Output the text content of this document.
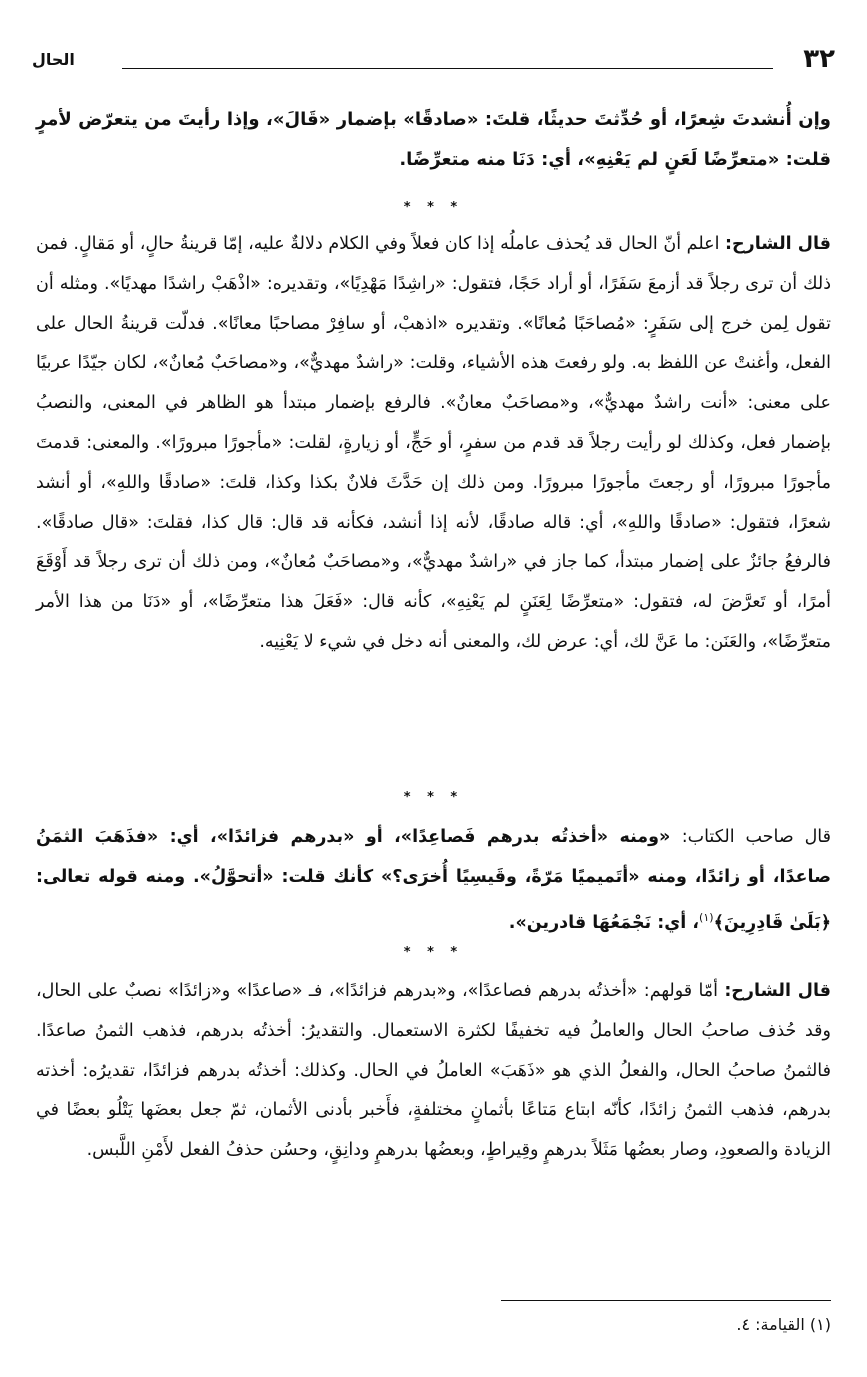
٣٢
الحال

وإن أُنشدتَ شِعرًا، أو حُدِّثتَ حديثًا، قلتَ: «صادقًا» بإضمار «قَالَ»، وإذا رأيتَ من يتعرّض لأمرٍ قلت: «متعرِّضًا لَعَنٍ لم يَعْنِهِ»، أي: دَنَا منه متعرِّضًا.

* * *

قال الشارح: اعلم أنّ الحال قد يُحذف عاملُه إذا كان فعلاً وفي الكلام دلالةٌ عليه، إمّا قرينةُ حالٍ، أو مَقالٍ. فمن ذلك أن ترى رجلاً قد أزمعَ سَفَرًا، أو أراد حَجًا، فتقول: «راشِدًا مَهْدِيًا»، وتقديره: «اذْهَبْ راشدًا مهديًا». ومثله أن تقول لِمن خرج إلى سَفَرٍ: «مُصاحَبًا مُعانًا». وتقديره «اذهبْ، أو سافِرْ مصاحبًا معانًا». فدلّت قرينةُ الحال على الفعل، وأغنتْ عن اللفظ به. ولو رفعتَ هذه الأشياء، وقلت: «راشدٌ مهديٌّ»، و«مصاحَبٌ مُعانٌ»، لكان جيّدًا عربيًا على معنى: «أنت راشدٌ مهديٌّ»، و«مصاحَبٌ معانٌ». فالرفع بإضمار مبتدأ هو الظاهر في المعنى، والنصبُ بإضمار فعل، وكذلك لو رأيت رجلاً قد قدم من سفرٍ، أو حَجٍّ، أو زيارةٍ، لقلت: «مأجورًا مبرورًا». والمعنى: قدمتَ مأجورًا مبرورًا، أو رجعتَ مأجورًا مبرورًا. ومن ذلك إن حَدَّثَ فلانٌ بكذا وكذا، قلتَ: «صادقًا واللهِ»، أو أنشد شعرًا، فتقول: «صادقًا واللهِ»، أي: قاله صادقًا، لأنه إذا أنشد، فكأنه قد قال: قال كذا، فقلتَ: «قال صادقًا». فالرفعُ جائزٌ على إضمار مبتدأ، كما جاز في «راشدٌ مهديٌّ»، و«مصاحَبٌ مُعانٌ»، ومن ذلك أن ترى رجلاً قد أَوْقَعَ أمرًا، أو تَعرَّضَ له، فتقول: «متعرِّضًا لِعَنَنٍ لم يَعْنِهِ»، كأنه قال: «فَعَلَ هذا متعرِّضًا»، أو «دَنَا من هذا الأمر متعرِّضًا»، والعَنَن: ما عَنَّ لك، أي: عرض لك، والمعنى أنه دخل في شيء لا يَعْنِيه.

* * *

قال صاحب الكتاب: «ومنه «أخذتُه بدرهم فَصاعِدًا»، أو «بدرهم فزائدًا»، أي: «فذَهَبَ الثمَنُ صاعدًا، أو زائدًا، ومنه «أتَميميًا مَرّةً، وقَيسِيًا أُخرَى؟» كأنك قلت: «أتحوَّلُ». ومنه قوله تعالى: ﴿بَلَىٰ قَادِرِينَ﴾$^{(١)}$، أي: نَجْمَعُهَا قادرين».

* * *

قال الشارح: أمّا قولهم: «أخذتُه بدرهم فصاعدًا»، و«بدرهم فزائدًا»، فـ «صاعدًا» و«زائدًا» نصبٌ على الحال، وقد حُذف صاحبُ الحال والعاملُ فيه تخفيفًا لكثرة الاستعمال. والتقديرُ: أخذتُه بدرهم، فذهب الثمنُ صاعدًا. فالثمنُ صاحبُ الحال، والفعلُ الذي هو «ذَهَبَ» العاملُ في الحال. وكذلك: أخذتُه بدرهم فزائدًا، تقديرُه: أخذته بدرهم، فذهب الثمنُ زائدًا، كأنّه ابتاع مَتاعًا بأثمانٍ مختلفةٍ، فأَخبر بأدنى الأثمان، ثمّ جعل بعضَها يَتْلُو بعضًا في الزيادة والصعودِ، وصار بعضُها مَثَلاً بدرهمٍ وقِيراطٍ، وبعضُها بدرهمٍ ودانِقٍ، وحسُن حذفُ الفعل لأَمْنِ اللَّبس.

(١) القيامة: ٤.
